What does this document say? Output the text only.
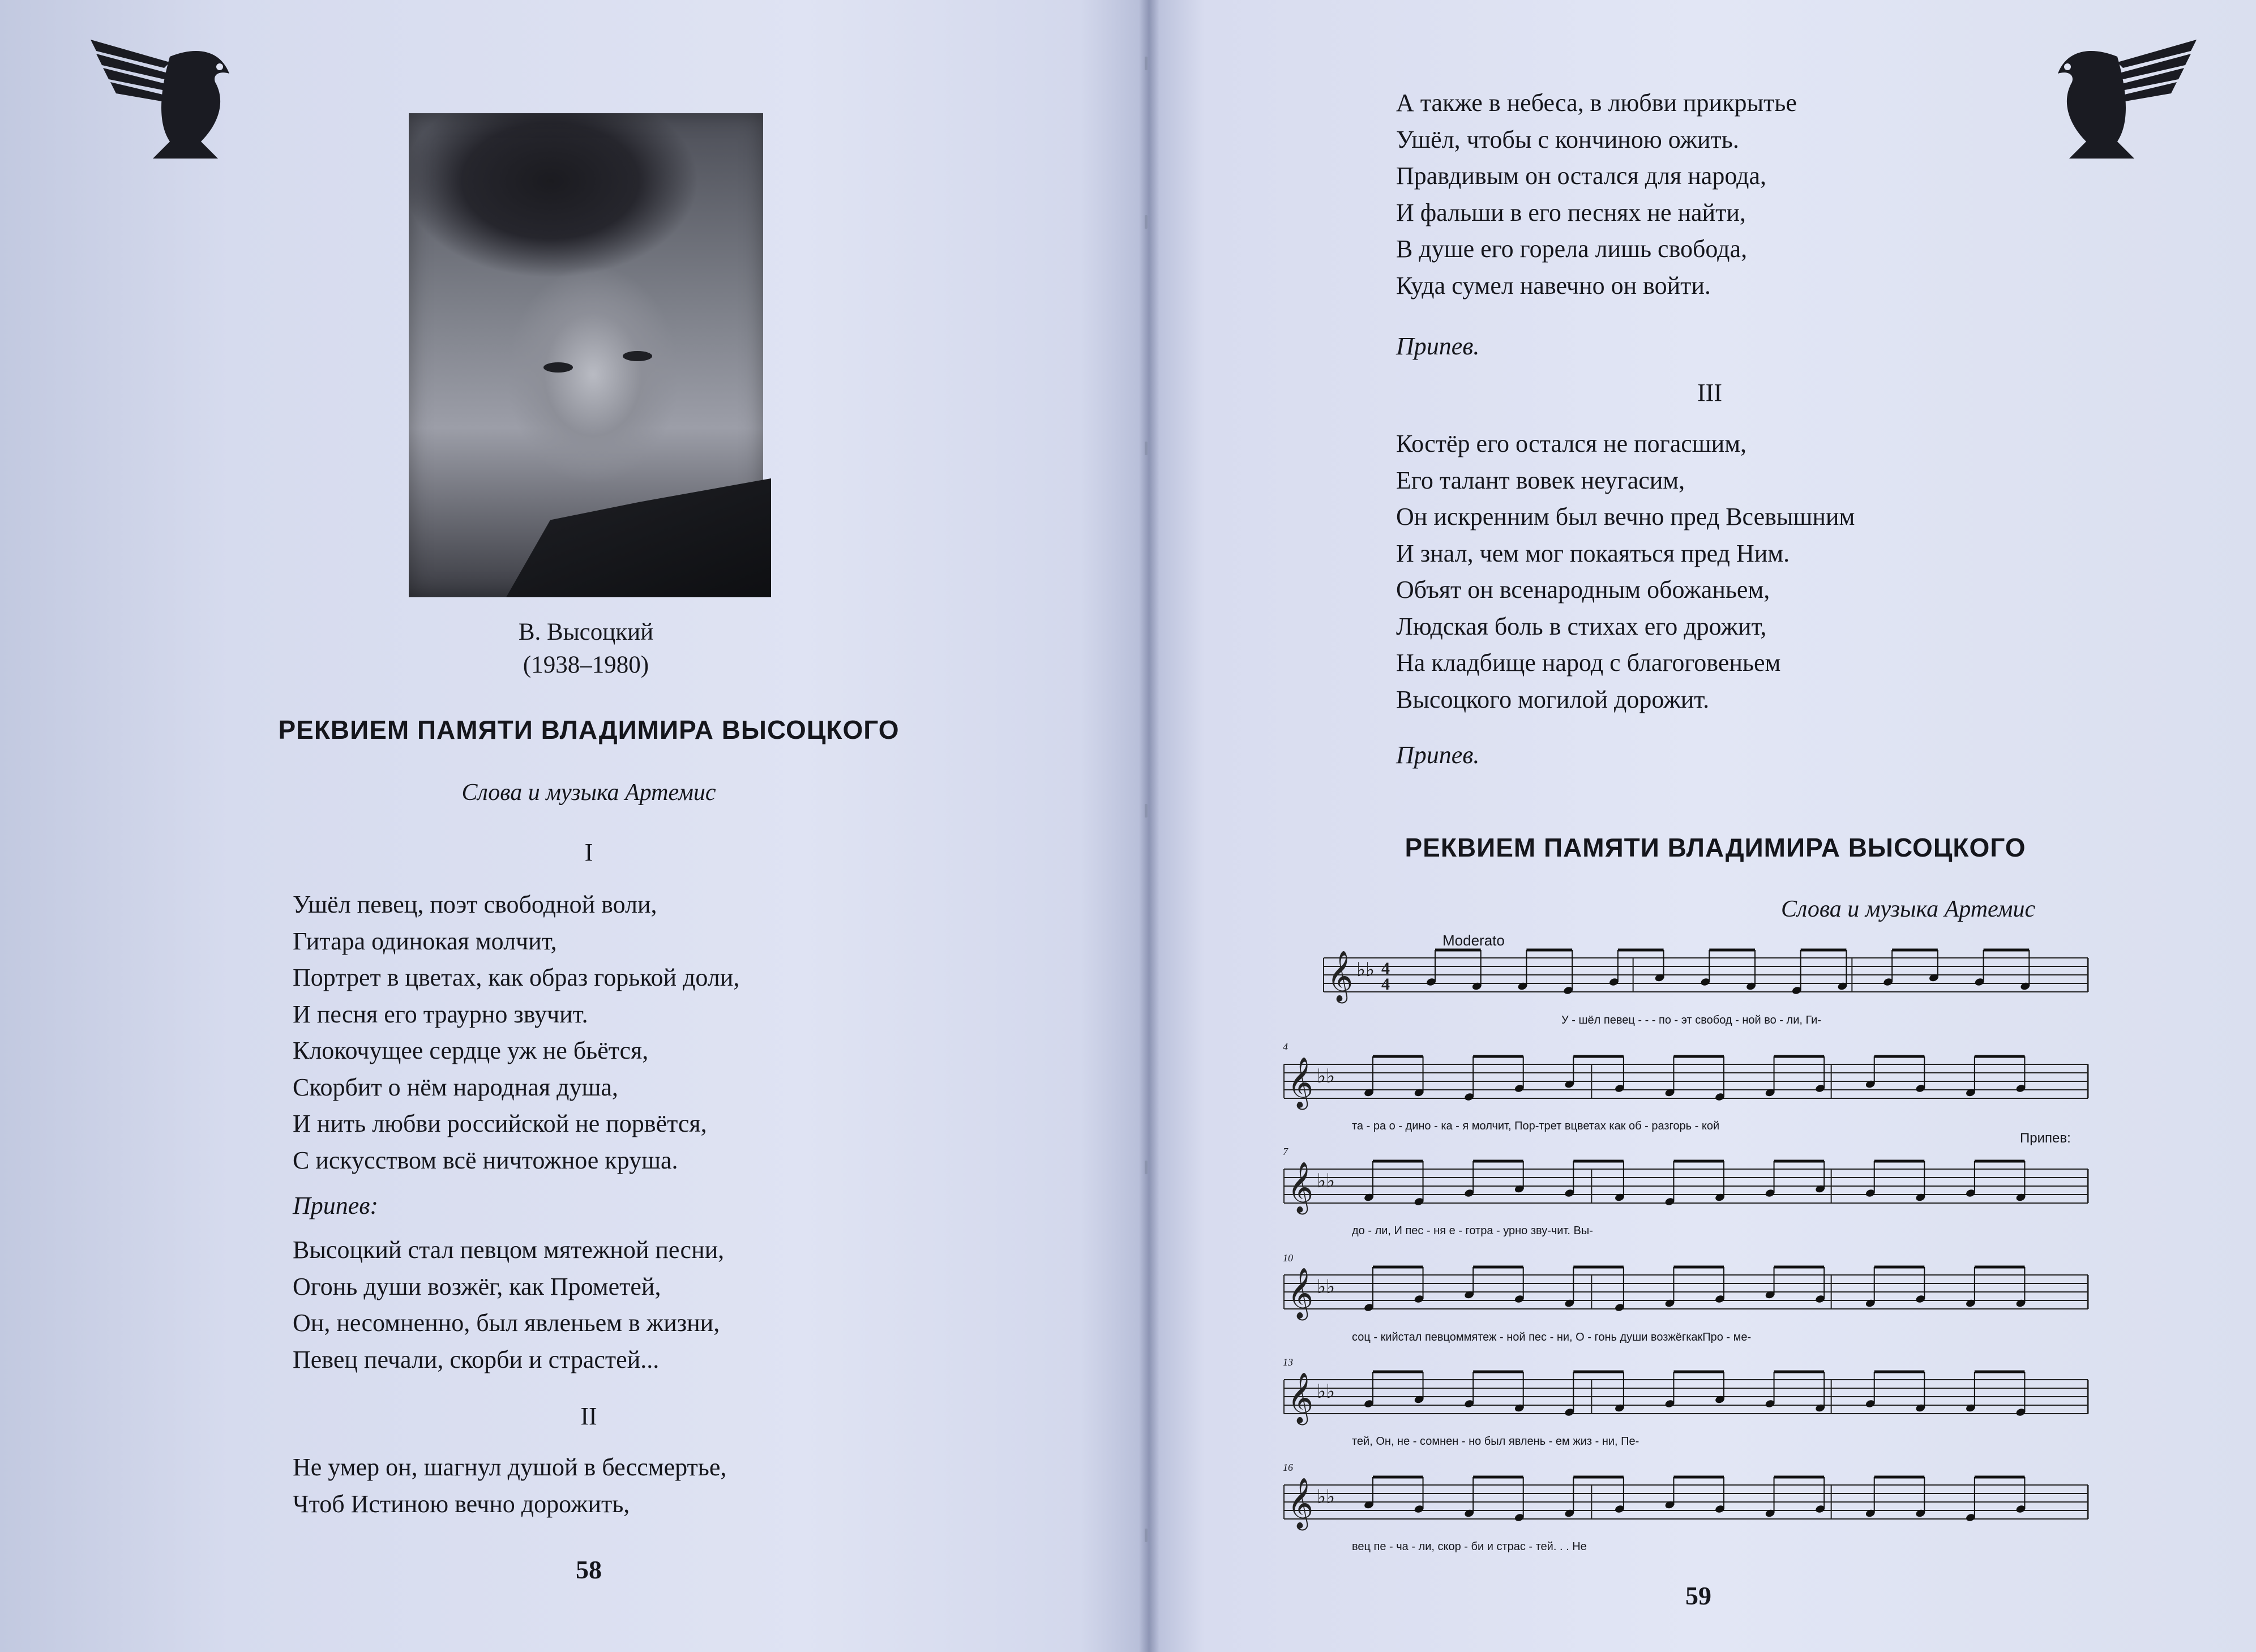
В. Высоцкий
(1938–1980)
РЕКВИЕМ ПАМЯТИ ВЛАДИМИРА ВЫСОЦКОГО
Слова и музыка Артемис
I
Ушёл певец, поэт свободной воли,
Гитара одинокая молчит,
Портрет в цветах, как образ горькой доли,
И песня его траурно звучит.
Клокочущее сердце уж не бьётся,
Скорбит о нём народная душа,
И нить любви российской не порвётся,
С искусством всё ничтожное круша.
Припев:
Высоцкий стал певцом мятежной песни,
Огонь души возжёг, как Прометей,
Он, несомненно, был явленьем в жизни,
Певец печали, скорби и страстей...
II
Не умер он, шагнул душой в бессмертье,
Чтоб Истиною вечно дорожить,
58
А также в небеса, в любви прикрытье
Ушёл, чтобы с кончиною ожить.
Правдивым он остался для народа,
И фальши в его песнях не найти,
В душе его горела лишь свобода,
Куда сумел навечно он войти.
Припев.
III
Костёр его остался не погасшим,
Его талант вовек неугасим,
Он искренним был вечно пред Всевышним
И знал, чем мог покаяться пред Ним.
Объят он всенародным обожаньем,
Людская боль в стихах его дрожит,
На кладбище народ с благоговеньем
Высоцкого могилой дорожит.
Припев.
РЕКВИЕМ ПАМЯТИ ВЛАДИМИРА ВЫСОЦКОГО
Слова и музыка Артемис
Moderato
Припев:
𝄞 ♭♭
4
4
𝄞 ♭♭
𝄞 ♭♭
𝄞 ♭♭
𝄞 ♭♭
𝄞 ♭♭
У - шёл певец - - - по - эт свобод - ной во - ли, Ги-
та - ра о - дино - ка - я молчит, Пор-трет вцветах как об - разгорь - кой
до - ли, И пес - ня е - готра - урно зву-чит. Вы-
соц - кийстал певцоммятеж - ной пес - ни, О - гонь души возжёгкакПро - ме-
тей, Он, не - сомнен - но был явлень - ем жиз - ни, Пе-
вец пе - ча - ли, скор - би и страс - тей. . . Не
4
7
10
13
16
59
